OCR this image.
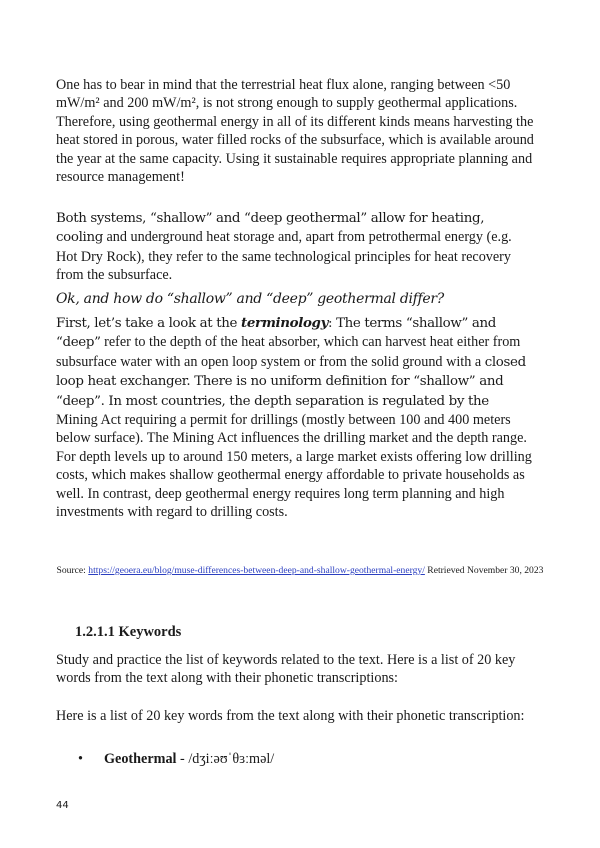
One has to bear in mind that the terrestrial heat flux alone, ranging between <50 mW/m² and 200 mW/m², is not strong enough to supply geothermal applications. Therefore, using geothermal energy in all of its different kinds means harvesting the heat stored in porous, water filled rocks of the subsurface, which is available around the year at the same capacity. Using it sustainable requires appropriate planning and resource management!

Both systems, “shallow” and “deep geothermal” allow for heating, cooling and underground heat storage and, apart from petrothermal energy (e.g. Hot Dry Rock), they refer to the same technological principles for heat recovery from the subsurface.

Ok, and how do “shallow” and “deep” geothermal differ?

First, let’s take a look at the terminology: The terms “shallow” and “deep” refer to the depth of the heat absorber, which can harvest heat either from subsurface water with an open loop system or from the solid ground with a closed loop heat exchanger. There is no uniform definition for “shallow” and “deep”. In most countries, the depth separation is regulated by the Mining Act requiring a permit for drillings (mostly between 100 and 400 meters below surface). The Mining Act influences the drilling market and the depth range. For depth levels up to around 150 meters, a large market exists offering low drilling costs, which makes shallow geothermal energy affordable to private households as well. In contrast, deep geothermal energy requires long term planning and high investments with regard to drilling costs.

Source: https://geoera.eu/blog/muse-differences-between-deep-and-shallow-geothermal-energy/ Retrieved November 30, 2023
1.2.1.1 Keywords

Study and practice the list of keywords related to the text. Here is a list of 20 key words from the text along with their phonetic transcriptions:

Here is a list of 20 key words from the text along with their phonetic transcription:

• Geothermal - /dʒiːəʊˈθɜːməl/
44
